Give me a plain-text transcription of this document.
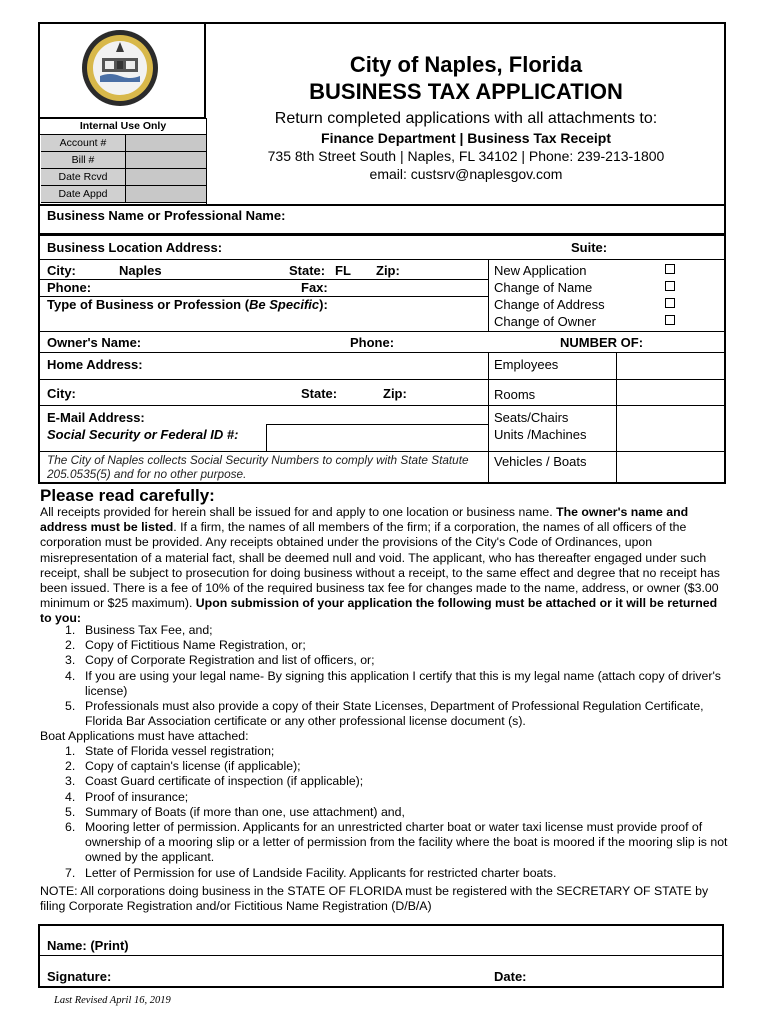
City of Naples, Florida
BUSINESS TAX APPLICATION
Return completed applications with all attachments to:
Finance Department | Business Tax Receipt
735 8th Street South | Naples, FL 34102 | Phone: 239-213-1800
email: custsrv@naplesgov.com
Internal Use Only
Account #
Bill #
Date Rcvd
Date Appd
Business Name or Professional Name:
Business Location Address:	Suite:
City:	Naples	State: FL Zip:
Phone:	Fax:
Type of Business or Profession (Be Specific):
New Application
Change of Name
Change of Address
Change of Owner
Owner's Name:	Phone:	NUMBER OF:
Home Address:
City:	State:	Zip:
E-Mail Address:
Social Security or Federal ID #:
The City of Naples collects Social Security Numbers to comply with State Statute 205.0535(5) and for no other purpose.
Employees
Rooms
Seats/Chairs
Units /Machines
Vehicles / Boats
Please read carefully:
All receipts provided for herein shall be issued for and apply to one location or business name. The owner's name and address must be listed. If a firm, the names of all members of the firm; if a corporation, the names of all officers of the corporation must be provided. Any receipts obtained under the provisions of the City's Code of Ordinances, upon misrepresentation of a material fact, shall be deemed null and void. The applicant, who has thereafter engaged under such receipt, shall be subject to prosecution for doing business without a receipt, to the same effect and degree that no receipt has been issued. There is a fee of 10% of the required business tax fee for changes made to the name, address, or owner ($3.00 minimum or $25 maximum). Upon submission of your application the following must be attached or it will be returned to you:
1. Business Tax Fee, and;
2. Copy of Fictitious Name Registration, or;
3. Copy of Corporate Registration and list of officers, or;
4. If you are using your legal name- By signing this application I certify that this is my legal name (attach copy of driver's license)
5. Professionals must also provide a copy of their State Licenses, Department of Professional Regulation Certificate, Florida Bar Association certificate or any other professional license document (s).
Boat Applications must have attached:
1. State of Florida vessel registration;
2. Copy of captain's license (if applicable);
3. Coast Guard certificate of inspection (if applicable);
4. Proof of insurance;
5. Summary of Boats (if more than one, use attachment) and,
6. Mooring letter of permission. Applicants for an unrestricted charter boat or water taxi license must provide proof of ownership of a mooring slip or a letter of permission from the facility where the boat is moored if the mooring slip is not owned by the applicant.
7. Letter of Permission for use of Landside Facility. Applicants for restricted charter boats.
NOTE: All corporations doing business in the STATE OF FLORIDA must be registered with the SECRETARY OF STATE by filing Corporate Registration and/or Fictitious Name Registration (D/B/A)
Name: (Print)
Signature:	Date:
Last Revised April 16, 2019
